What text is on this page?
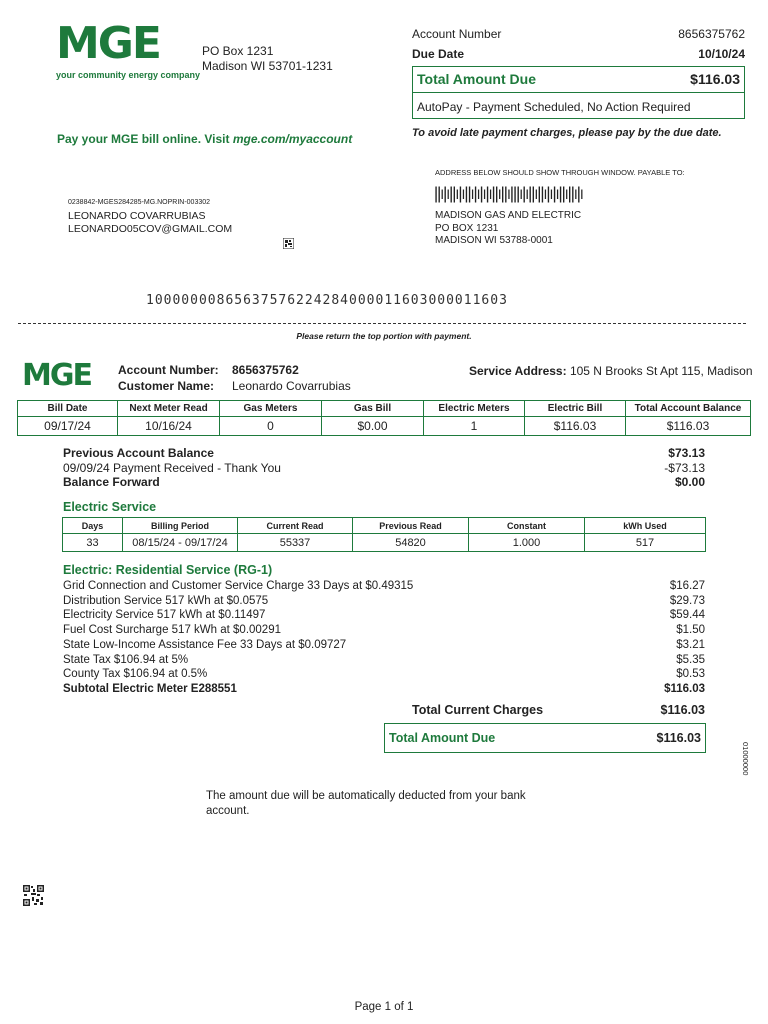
MGE
your community energy company
PO Box 1231
Madison WI 53701-1231
Pay your MGE bill online. Visit mge.com/myaccount
Account Number	8656375762
Due Date	10/10/24
Total Amount Due	$116.03
AutoPay - Payment Scheduled, No Action Required
To avoid late payment charges, please pay by the due date.
ADDRESS BELOW SHOULD SHOW THROUGH WINDOW. PAYABLE TO:
ǀǀıǀıǀǀıǀıǀǀıǀıǀıǀıǀǀıǀǀıǀǀǀıǀıǀǀıǀǀıǀıǀıǀǀıǀǀıǀı
MADISON GAS AND ELECTRIC
PO BOX 1231
MADISON WI 53788-0001
0238842-MGES284285-MG.NOPRIN-003302
LEONARDO COVARRUBIAS
LEONARDO05COV@GMAIL.COM
1000000086563757622428400001160300001160​3
Please return the top portion with payment.
MGE Account Number: 8656375762
Customer Name: Leonardo Covarrubias
Service Address: 105 N Brooks St Apt 115, Madison
Bill Date	Next Meter Read	Gas Meters	Gas Bill	Electric Meters	Electric Bill	Total Account Balance
09/17/24	10/16/24	0	$0.00	1	$116.03	$116.03
Previous Account Balance	$73.13
09/09/24 Payment Received - Thank You	-$73.13
Balance Forward	$0.00
Electric Service
Days	Billing Period	Current Read	Previous Read	Constant	kWh Used
33	08/15/24 - 09/17/24	55337	54820	1.000	517
Electric: Residential Service (RG-1)
Grid Connection and Customer Service Charge 33 Days at $0.49315	$16.27
Distribution Service 517 kWh at $0.0575	$29.73
Electricity Service 517 kWh at $0.11497	$59.44
Fuel Cost Surcharge 517 kWh at $0.00291	$1.50
State Low-Income Assistance Fee 33 Days at $0.09727	$3.21
State Tax $106.94 at 5%	$5.35
County Tax $106.94 at 0.5%	$0.53
Subtotal Electric Meter E288551	$116.03
Total Current Charges	$116.03
Total Amount Due	$116.03
01000000
The amount due will be automatically deducted from your bank account.
Page 1 of 1
